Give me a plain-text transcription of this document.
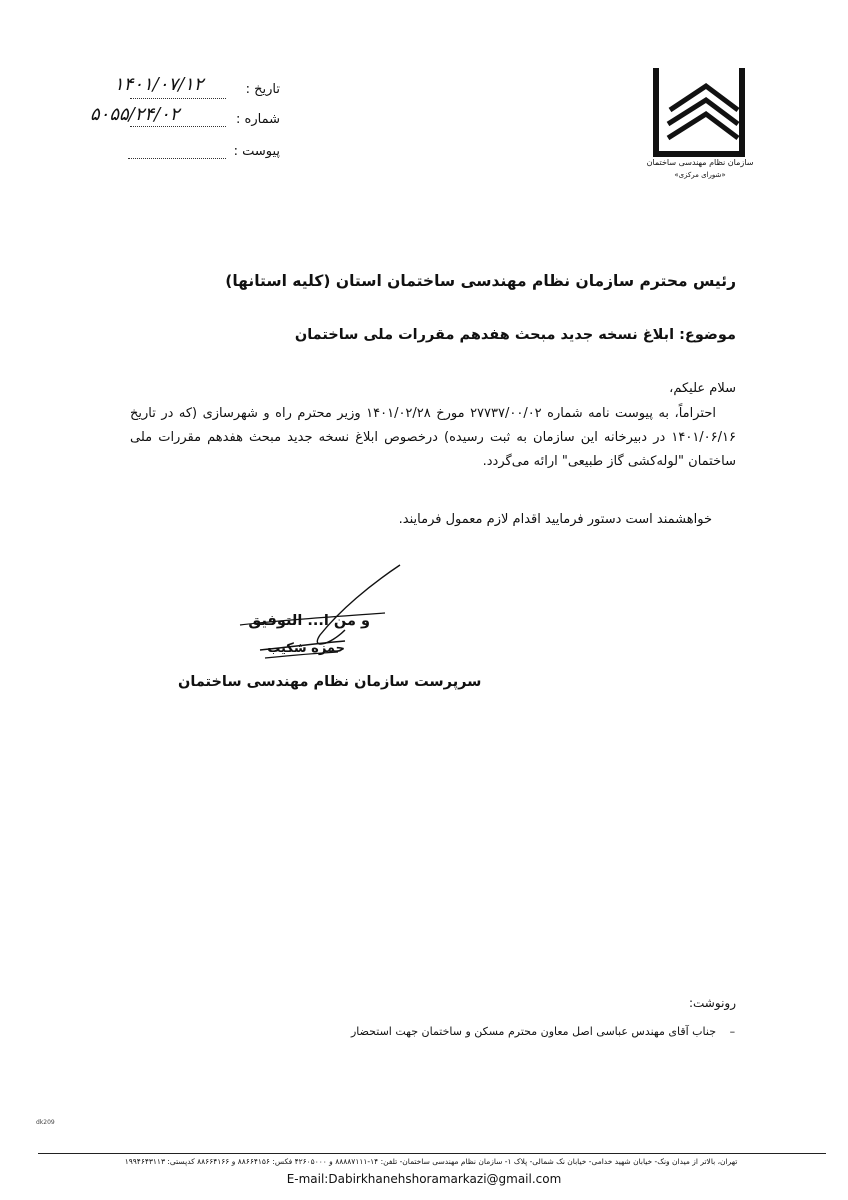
سازمان نظام مهندسی ساختمان
«شورای مرکزی»
تاریخ :
۱۴۰۱/۰۷/۱۲
شماره :
۵۰۵۵/۲۴/۰۲
پیوست :
رئیس محترم سازمان نظام مهندسی ساختمان استان (کلیه استانها)
موضوع: ابلاغ نسخه جدید مبحث هفدهم مقررات ملی ساختمان
سلام علیکم،
احتراماً، به پیوست نامه شماره ۲۷۷۳۷/۰۰/۰۲ مورخ ۱۴۰۱/۰۲/۲۸ وزیر محترم راه و شهرسازی (که در تاریخ ۱۴۰۱/۰۶/۱۶ در دبیرخانه این سازمان به ثبت رسیده) درخصوص ابلاغ نسخه جدید مبحث هفدهم مقررات ملی ساختمان "لوله‌کشی گاز طبیعی" ارائه می‌گردد.
خواهشمند است دستور فرمایید اقدام لازم معمول فرمایند.
و من ا... التوفیق
حمزه شکیب
سرپرست سازمان نظام مهندسی ساختمان
رونوشت:
جناب آقای مهندس عباسی اصل معاون محترم مسکن و ساختمان جهت استحضار –
dk209
تهران، بالاتر از میدان ونک- خیابان شهید خدامی- خیابان نک شمالی- پلاک ۱- سازمان نظام مهندسی ساختمان- تلفن: ۱۴-۸۸۸۸۷۱۱۱ و ۴۲۶۰۵۰۰۰ فکس: ۸۸۶۶۴۱۵۶ و ۸۸۶۶۴۱۶۶ کدپستی: ۱۹۹۴۶۴۳۱۱۳
E-mail:Dabirkhanehshoramarkazi@gmail.com
